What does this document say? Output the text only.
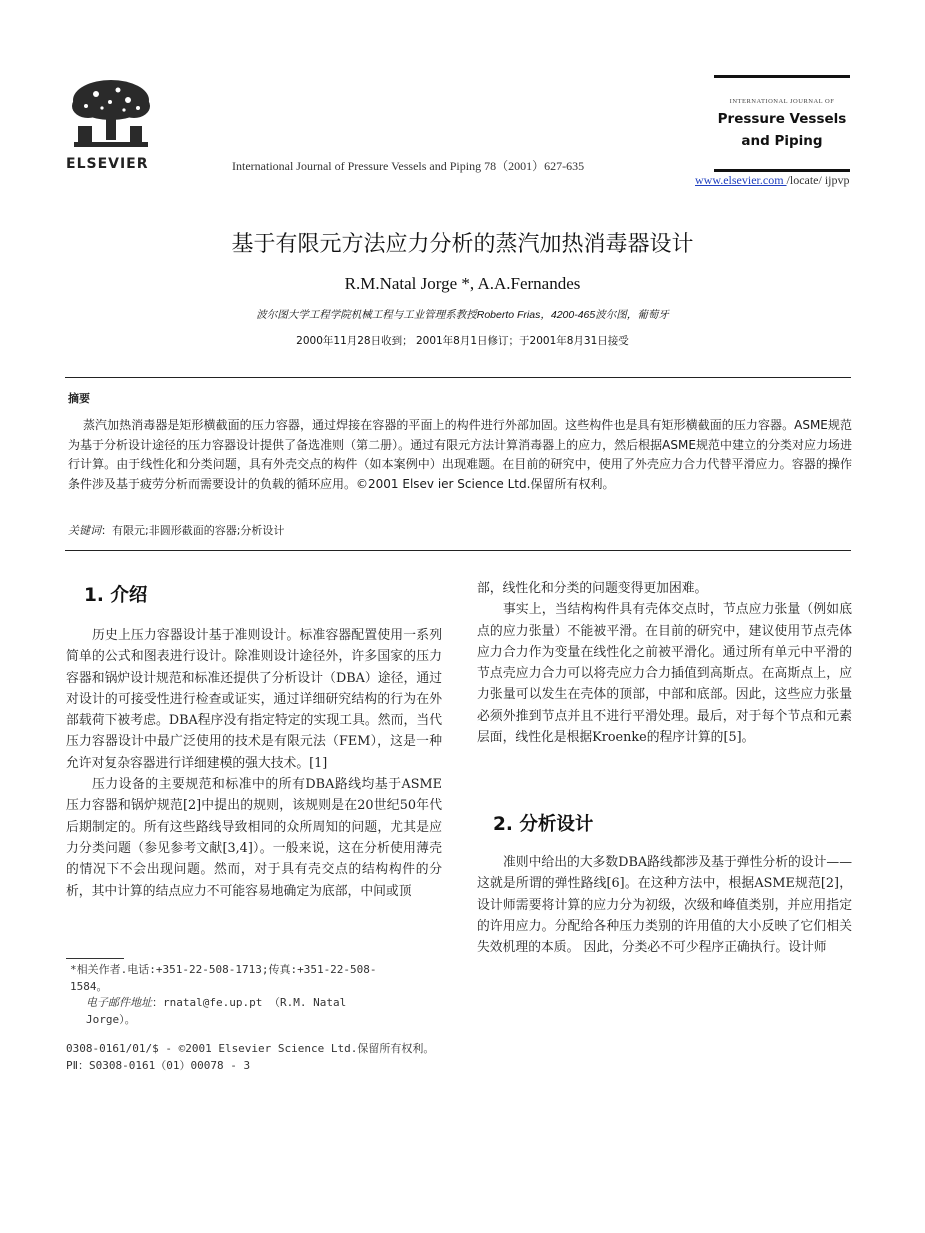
ELSEVIER	International Journal of Pressure Vessels and Piping 78（2001）627-635
INTERNATIONAL JOURNAL OF
Pressure Vessels
and Piping
www.elsevier.com /locate/ ijpvp
基于有限元方法应力分析的蒸汽加热消毒器设计
R.M.Natal Jorge *, A.A.Fernandes
波尔图大学工程学院机械工程与工业管理系教授Roberto Frias，4200-465波尔图，葡萄牙
2000年11月28日收到； 2001年8月1日修订；于2001年8月31日接受
摘要
蒸汽加热消毒器是矩形横截面的压力容器，通过焊接在容器的平面上的构件进行外部加固。这些构件也是具有矩形横截面的压力容器。ASME规范为基于分析设计途径的压力容器设计提供了备选准则（第二册）。通过有限元方法计算消毒器上的应力，然后根据ASME规范中建立的分类对应力场进行计算。由于线性化和分类问题，具有外壳交点的构件（如本案例中）出现难题。在目前的研究中，使用了外壳应力合力代替平滑应力。容器的操作条件涉及基于疲劳分析而需要设计的负载的循环应用。©2001 Elsev ier Science Ltd.保留所有权利。
关键词：有限元;非圆形截面的容器;分析设计
1. 介绍

历史上压力容器设计基于准则设计。标准容器配置使用一系列简单的公式和图表进行设计。除准则设计途径外，许多国家的压力容器和锅炉设计规范和标准还提供了分析设计（DBA）途径，通过对设计的可接受性进行检查或证实，通过详细研究结构的行为在外部载荷下被考虑。DBA程序没有指定特定的实现工具。然而，当代压力容器设计中最广泛使用的技术是有限元法（FEM），这是一种允许对复杂容器进行详细建模的强大技术。[1]

压力设备的主要规范和标准中的所有DBA路线均基于ASME压力容器和锅炉规范[2]中提出的规则，该规则是在20世纪50年代后期制定的。所有这些路线导致相同的众所周知的问题，尤其是应力分类问题（参见参考文献[3,4]）。一般来说，这在分析使用薄壳的情况下不会出现问题。然而，对于具有壳交点的结构构件的分析，其中计算的结点应力不可能容易地确定为底部，中间或顶

部，线性化和分类的问题变得更加困难。

事实上，当结构构件具有壳体交点时，节点应力张量（例如底点的应力张量）不能被平滑。在目前的研究中，建议使用节点壳体应力合力作为变量在线性化之前被平滑化。通过所有单元中平滑的节点壳应力合力可以将壳应力合力插值到高斯点。在高斯点上，应力张量可以发生在壳体的顶部，中部和底部。因此，这些应力张量必须外推到节点并且不进行平滑处理。最后，对于每个节点和元素层面，线性化是根据Kroenke的程序计算的[5]。

2. 分析设计

准则中给出的大多数DBA路线都涉及基于弹性分析的设计——这就是所谓的弹性路线[6]。在这种方法中，根据ASME规范[2]，设计师需要将计算的应力分为初级，次级和峰值类别，并应用指定的许用应力。分配给各种压力类别的许用值的大小反映了它们相关失效机理的本质。 因此，分类必不可少程序正确执行。设计师

*相关作者.电话:+351-22-508-1713;传真:+351-22-508-
1584。
电子邮件地址：rnatal@fe.up.pt （R.M. Natal
Jorge）。
0308-0161/01/$ - ©2001 Elsevier Science Ltd.保留所有权利。
PⅡ：S0308-0161（01）00078 - 3
